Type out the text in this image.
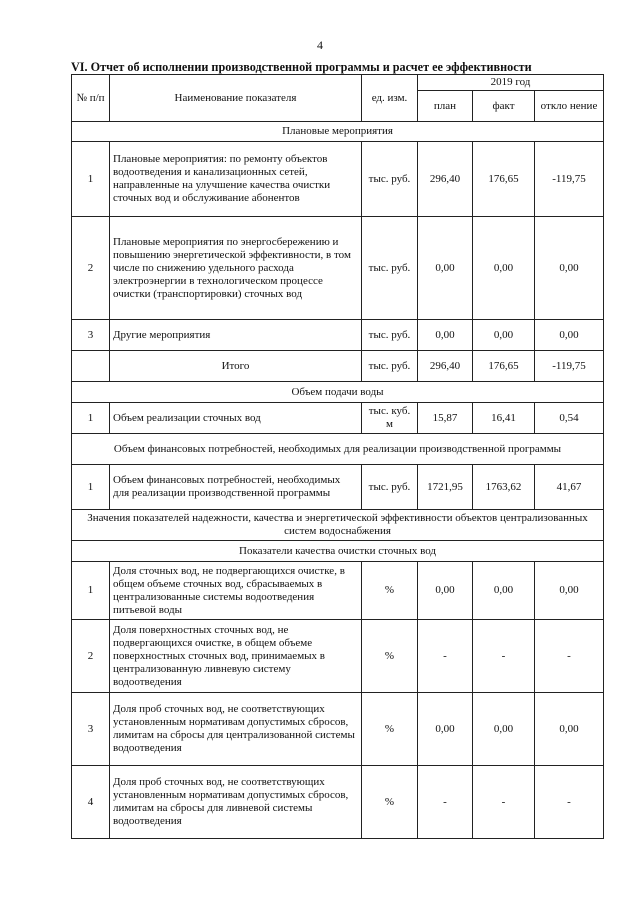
4
VI. Отчет об исполнении производственной программы и расчет ее эффективности
№ п/п	Наименование показателя	ед. изм.	2019 год		
			план	факт	откло нение
Плановые мероприятия					
1	Плановые мероприятия: по ремонту объектов водоотведения и канализационных сетей, направленные на улучшение качества очистки сточных вод и обслуживание абонентов	тыс. руб.	296,40	176,65	-119,75
2	Плановые мероприятия по энергосбережению и повышению энергетической эффективности, в том числе по снижению удельного расхода электроэнергии в технологическом процессе очистки (транспортировки) сточных вод	тыс. руб.	0,00	0,00	0,00
3	Другие мероприятия	тыс. руб.	0,00	0,00	0,00
	Итого	тыс. руб.	296,40	176,65	-119,75
Объем подачи воды					
1	Объем реализации сточных вод	тыс. куб. м	15,87	16,41	0,54
Объем финансовых потребностей, необходимых для реализации производственной программы					
1	Объем финансовых потребностей, необходимых для реализации производственной программы	тыс. руб.	1721,95	1763,62	41,67
Значения показателей надежности, качества и энергетической эффективности объектов централизованных систем водоснабжения					
Показатели качества очистки сточных вод					
1	Доля сточных вод, не подвергающихся очистке, в общем объеме сточных вод, сбрасываемых в централизованные системы водоотведения питьевой воды	%	0,00	0,00	0,00
2	Доля поверхностных сточных вод, не подвергающихся очистке, в общем объеме поверхностных сточных вод, принимаемых в централизованную ливневую систему водоотведения	%	-	-	-
3	Доля проб сточных вод, не соответствующих установленным нормативам допустимых сбросов, лимитам на сбросы для централизованной системы водоотведения	%	0,00	0,00	0,00
4	Доля проб сточных вод, не соответствующих установленным нормативам допустимых сбросов, лимитам на сбросы для ливневой системы водоотведения	%	-	-	-
